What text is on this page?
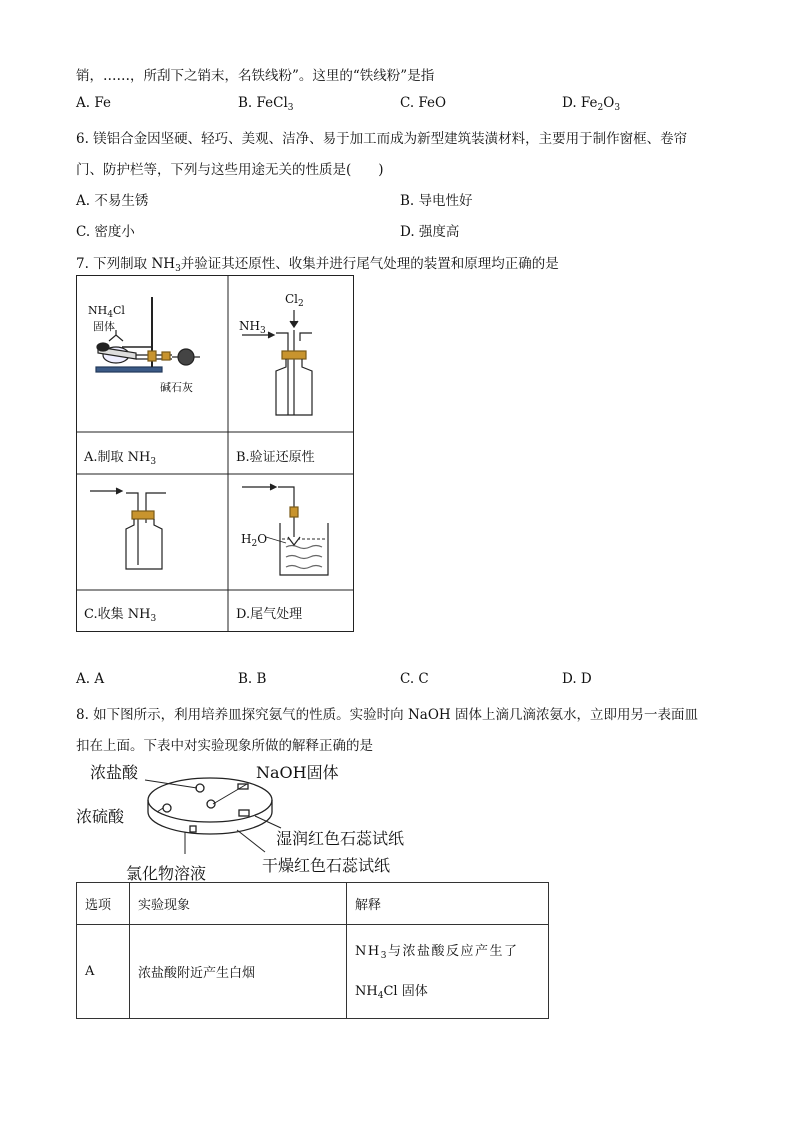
销，……，所刮下之销末，名铁线粉”。这里的“铁线粉”是指
A. Fe	B. FeCl$_3$	C. FeO	D. $Fe_2O_3$
6. 镁铝合金因坚硬、轻巧、美观、洁净、易于加工而成为新型建筑装潢材料，主要用于制作窗框、卷帘
门、防护栏等，下列与这些用途无关的性质是(　　)
A. 不易生锈	B. 导电性好
C. 密度小	D. 强度高
7. 下列制取 $NH_3$并验证其还原性、收集并进行尾气处理的装置和原理均正确的是
$NH_4Cl$
固体
碱石灰
$Cl_2$
$NH_3$
$H_2O$
A.制取 $NH_3$	B.验证还原性
C.收集 $NH_3$	D.尾气处理
A. A	B. B	C. C	D. D
8. 如下图所示，利用培养皿探究氨气的性质。实验时向 NaOH 固体上滴几滴浓氨水，立即用另一表面皿
扣在上面。下表中对实验现象所做的解释正确的是
浓盐酸	NaOH固体
浓硫酸
湿润红色石蕊试纸
干燥红色石蕊试纸
氯化物溶液
选项	实验现象	解释
A	浓盐酸附近产生白烟	$NH_3$与浓盐酸反应产生了
$NH_4Cl$ 固体
